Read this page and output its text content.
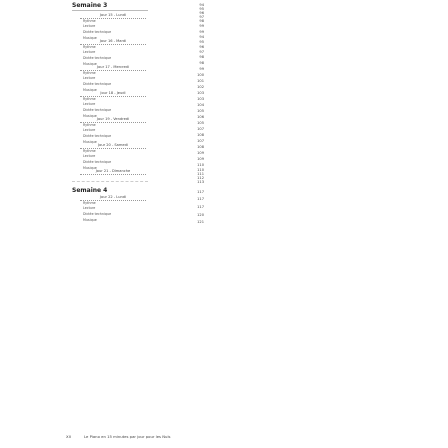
Semaine 3
Jour 15 - Lundi
Rythme
Lecture
Dictée technique
Musique
Jour 16 - Mardi
Rythme
Lecture
Dictée technique
Musique
Jour 17 - Mercredi
Rythme
Lecture
Dictée technique
Musique
Jour 18 - Jeudi
Rythme
Lecture
Dictée technique
Musique
Jour 19 - Vendredi
Rythme
Lecture
Dictée technique
Musique
Jour 20 - Samedi
Rythme
Lecture
Dictée technique
Musique
Jour 21 - Dimanche
Semaine 4
Jour 22 - Lundi
Rythme
Lecture
Dictée technique
Musique
94
95
96
97
98
99
99
94
95
96
97
98
98
99
100
101
102
103
103
104
105
106
105
107
108
107
108
109
109
110
110
111
112
113
117
117
117
120
121
XII	Le Piano en 15 minutes par jour pour les Nuls
